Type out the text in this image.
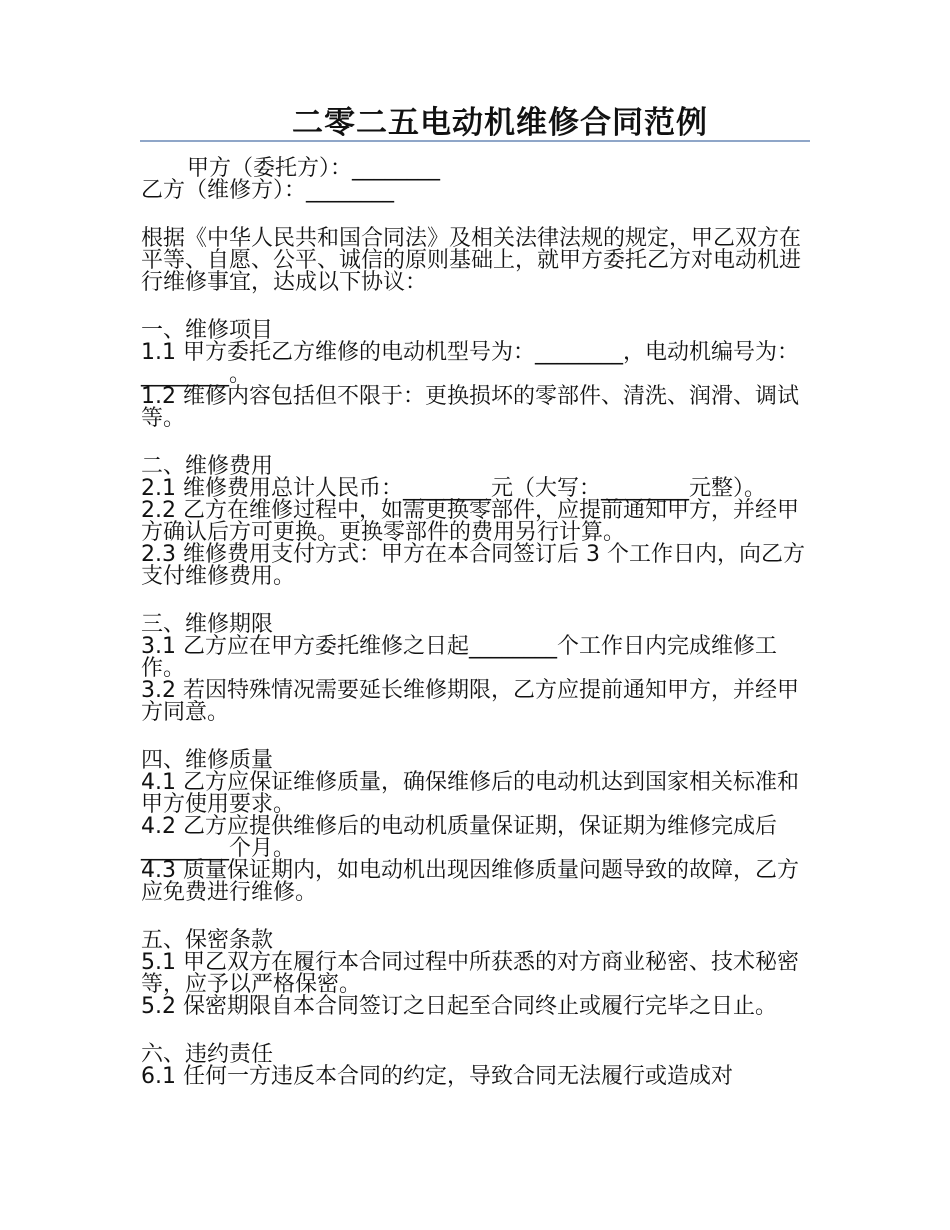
二零二五电动机维修合同范例
甲方（委托方）：________
乙方（维修方）：________
根据《中华人民共和国合同法》及相关法律法规的规定，甲乙双方在平等、自愿、公平、诚信的原则基础上，就甲方委托乙方对电动机进行维修事宜，达成以下协议：
一、维修项目
1.1 甲方委托乙方维修的电动机型号为：________，电动机编号为：________。
1.2 维修内容包括但不限于：更换损坏的零部件、清洗、润滑、调试等。
二、维修费用
2.1 维修费用总计人民币：________元（大写：________元整）。
2.2 乙方在维修过程中，如需更换零部件，应提前通知甲方，并经甲方确认后方可更换。更换零部件的费用另行计算。
2.3 维修费用支付方式：甲方在本合同签订后 3 个工作日内，向乙方支付维修费用。
三、维修期限
3.1 乙方应在甲方委托维修之日起________个工作日内完成维修工作。
3.2 若因特殊情况需要延长维修期限，乙方应提前通知甲方，并经甲方同意。
四、维修质量
4.1 乙方应保证维修质量，确保维修后的电动机达到国家相关标准和甲方使用要求。
4.2 乙方应提供维修后的电动机质量保证期，保证期为维修完成后________个月。
4.3 质量保证期内，如电动机出现因维修质量问题导致的故障，乙方应免费进行维修。
五、保密条款
5.1 甲乙双方在履行本合同过程中所获悉的对方商业秘密、技术秘密等，应予以严格保密。
5.2 保密期限自本合同签订之日起至合同终止或履行完毕之日止。
六、违约责任
6.1 任何一方违反本合同的约定，导致合同无法履行或造成对
